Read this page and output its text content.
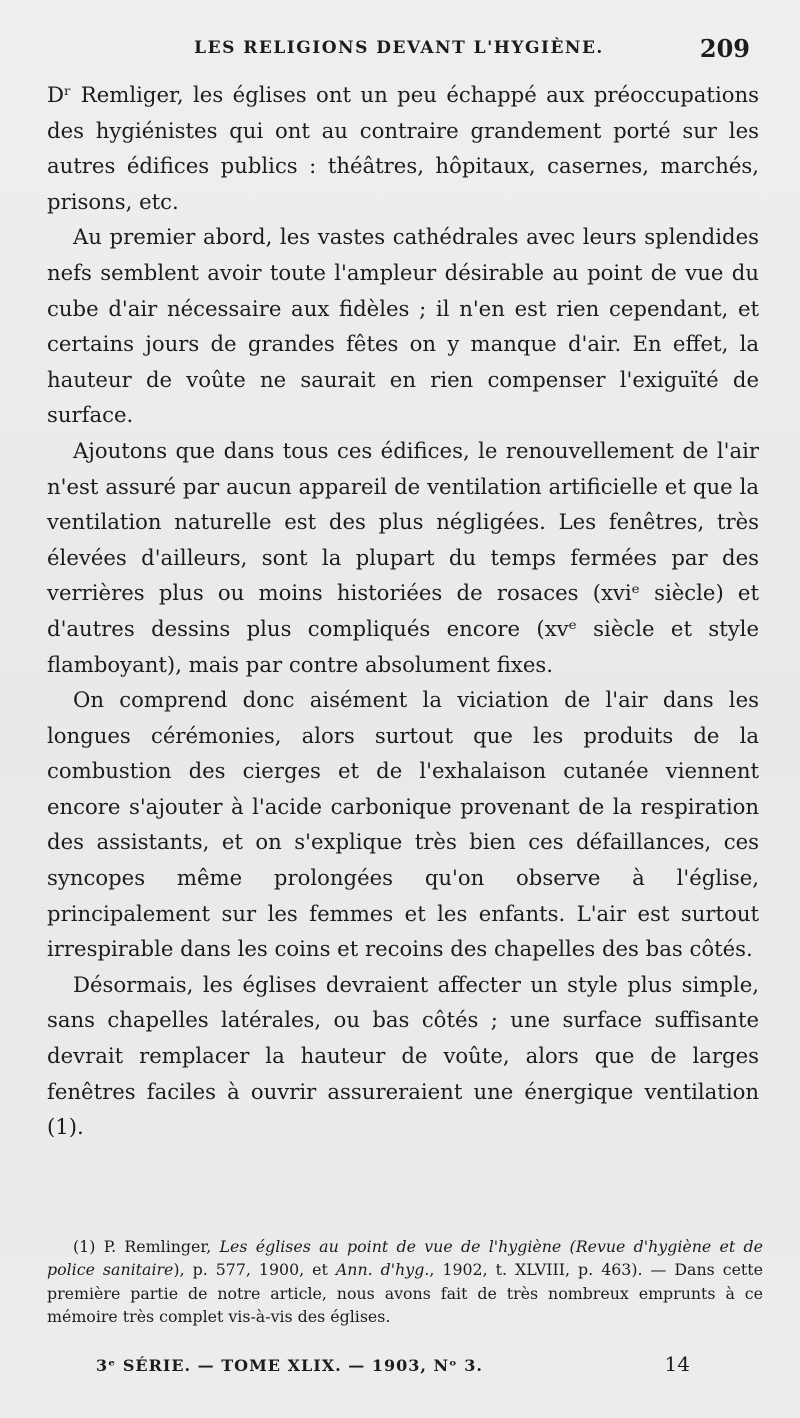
LES RELIGIONS DEVANT L'HYGIÈNE.	209

Dʳ Remliger, les églises ont un peu échappé aux préoccupations des hygiénistes qui ont au contraire grandement porté sur les autres édifices publics : théâtres, hôpitaux, casernes, marchés, prisons, etc.

Au premier abord, les vastes cathédrales avec leurs splendides nefs semblent avoir toute l'ampleur désirable au point de vue du cube d'air nécessaire aux fidèles ; il n'en est rien cependant, et certains jours de grandes fêtes on y manque d'air. En effet, la hauteur de voûte ne saurait en rien compenser l'exiguïté de surface.

Ajoutons que dans tous ces édifices, le renouvellement de l'air n'est assuré par aucun appareil de ventilation artificielle et que la ventilation naturelle est des plus négligées. Les fenêtres, très élevées d'ailleurs, sont la plupart du temps fermées par des verrières plus ou moins historiées de rosaces (xviᵉ siècle) et d'autres dessins plus compliqués encore (xvᵉ siècle et style flamboyant), mais par contre absolument fixes.

On comprend donc aisément la viciation de l'air dans les longues cérémonies, alors surtout que les produits de la combustion des cierges et de l'exhalaison cutanée viennent encore s'ajouter à l'acide carbonique provenant de la respiration des assistants, et on s'explique très bien ces défaillances, ces syncopes même prolongées qu'on observe à l'église, principalement sur les femmes et les enfants. L'air est surtout irrespirable dans les coins et recoins des chapelles des bas côtés.

Désormais, les églises devraient affecter un style plus simple, sans chapelles latérales, ou bas côtés ; une surface suffisante devrait remplacer la hauteur de voûte, alors que de larges fenêtres faciles à ouvrir assureraient une énergique ventilation (1).

(1) P. Remlinger, Les églises au point de vue de l'hygiène (Revue d'hygiène et de police sanitaire), p. 577, 1900, et Ann. d'hyg., 1902, t. XLVIII, p. 463). — Dans cette première partie de notre article, nous avons fait de très nombreux emprunts à ce mémoire très complet vis-à-vis des églises.

3ᵉ SÉRIE. — TOME XLIX. — 1903, Nᵒ 3.	14
